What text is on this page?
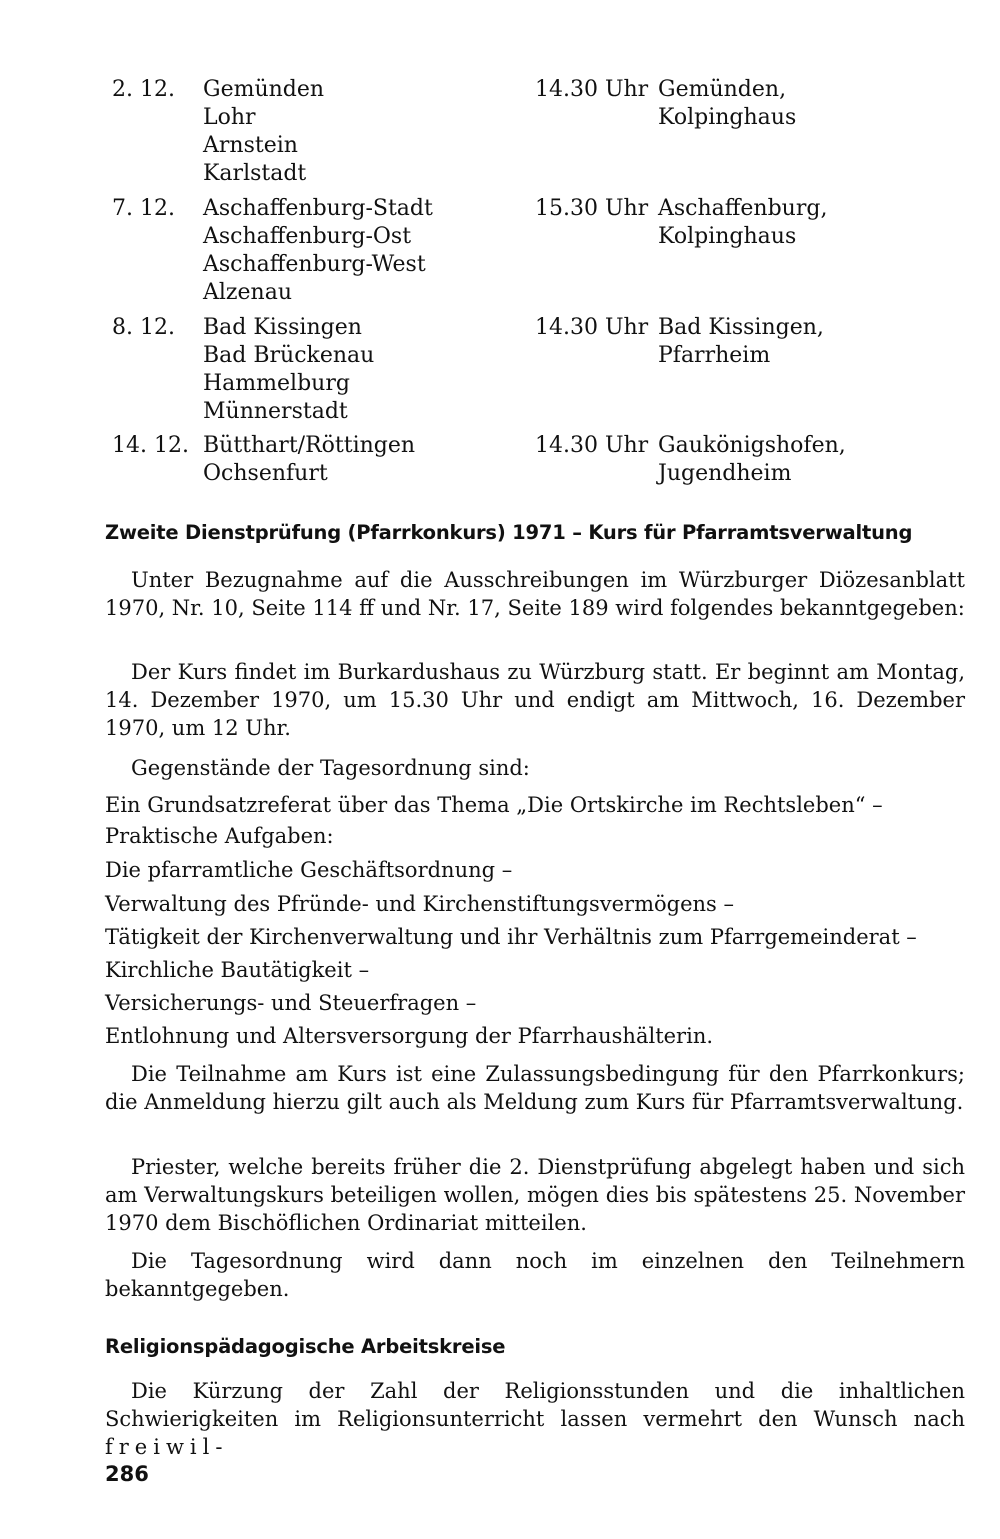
2. 12. Gemünden
Lohr
Arnstein
Karlstadt
14.30 Uhr Gemünden,
Kolpinghaus
7. 12. Aschaffenburg-Stadt
Aschaffenburg-Ost
Aschaffenburg-West
Alzenau
15.30 Uhr Aschaffenburg,
Kolpinghaus
8. 12. Bad Kissingen
Bad Brückenau
Hammelburg
Münnerstadt
14.30 Uhr Bad Kissingen,
Pfarrheim
14. 12. Bütthart/Röttingen
Ochsenfurt
14.30 Uhr Gaukönigshofen,
Jugendheim
Zweite Dienstprüfung (Pfarrkonkurs) 1971 – Kurs für Pfarramtsverwaltung

Unter Bezugnahme auf die Ausschreibungen im Würzburger Diözesanblatt 1970, Nr. 10, Seite 114 ff und Nr. 17, Seite 189 wird folgendes bekanntgegeben:

Der Kurs findet im Burkardushaus zu Würzburg statt. Er beginnt am Montag, 14. Dezember 1970, um 15.30 Uhr und endigt am Mittwoch, 16. Dezember 1970, um 12 Uhr.

Gegenstände der Tagesordnung sind:

Ein Grundsatzreferat über das Thema „Die Ortskirche im Rechtsleben“ –

Praktische Aufgaben:

Die pfarramtliche Geschäftsordnung –

Verwaltung des Pfründe- und Kirchenstiftungsvermögens –

Tätigkeit der Kirchenverwaltung und ihr Verhältnis zum Pfarrgemeinderat –

Kirchliche Bautätigkeit –

Versicherungs- und Steuerfragen –

Entlohnung und Altersversorgung der Pfarrhaushälterin.

Die Teilnahme am Kurs ist eine Zulassungsbedingung für den Pfarrkonkurs; die Anmeldung hierzu gilt auch als Meldung zum Kurs für Pfarramtsverwaltung.

Priester, welche bereits früher die 2. Dienstprüfung abgelegt haben und sich am Verwaltungskurs beteiligen wollen, mögen dies bis spätestens 25. November 1970 dem Bischöflichen Ordinariat mitteilen.

Die Tagesordnung wird dann noch im einzelnen den Teilnehmern bekanntgegeben.

Religionspädagogische Arbeitskreise

Die Kürzung der Zahl der Religionsstunden und die inhaltlichen Schwierigkeiten im Religionsunterricht lassen vermehrt den Wunsch nach freiwil-

286
